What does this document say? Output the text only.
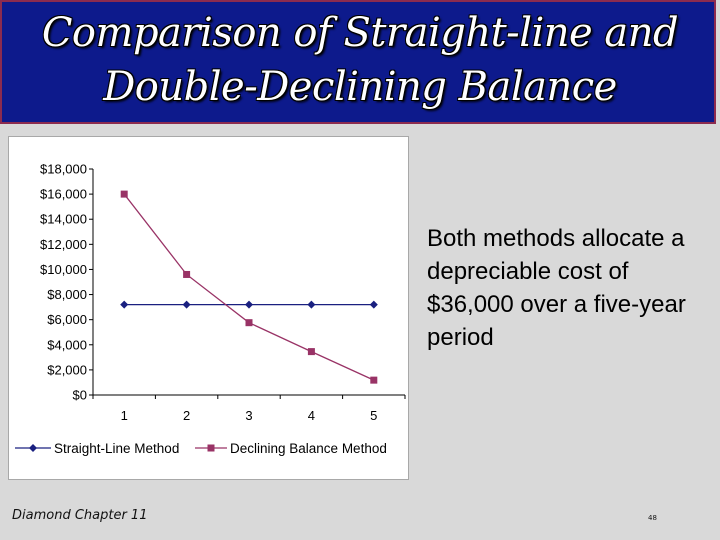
Comparison of Straight-line and
Double-Declining Balance
$0
$2,000
$4,000
$6,000
$8,000
$10,000
$12,000
$14,000
$16,000
$18,000
1	2	3	4	5
Straight-Line Method	Declining Balance Method
Both methods allocate a depreciable cost of $36,000 over a five-year period
Diamond Chapter 11	48
